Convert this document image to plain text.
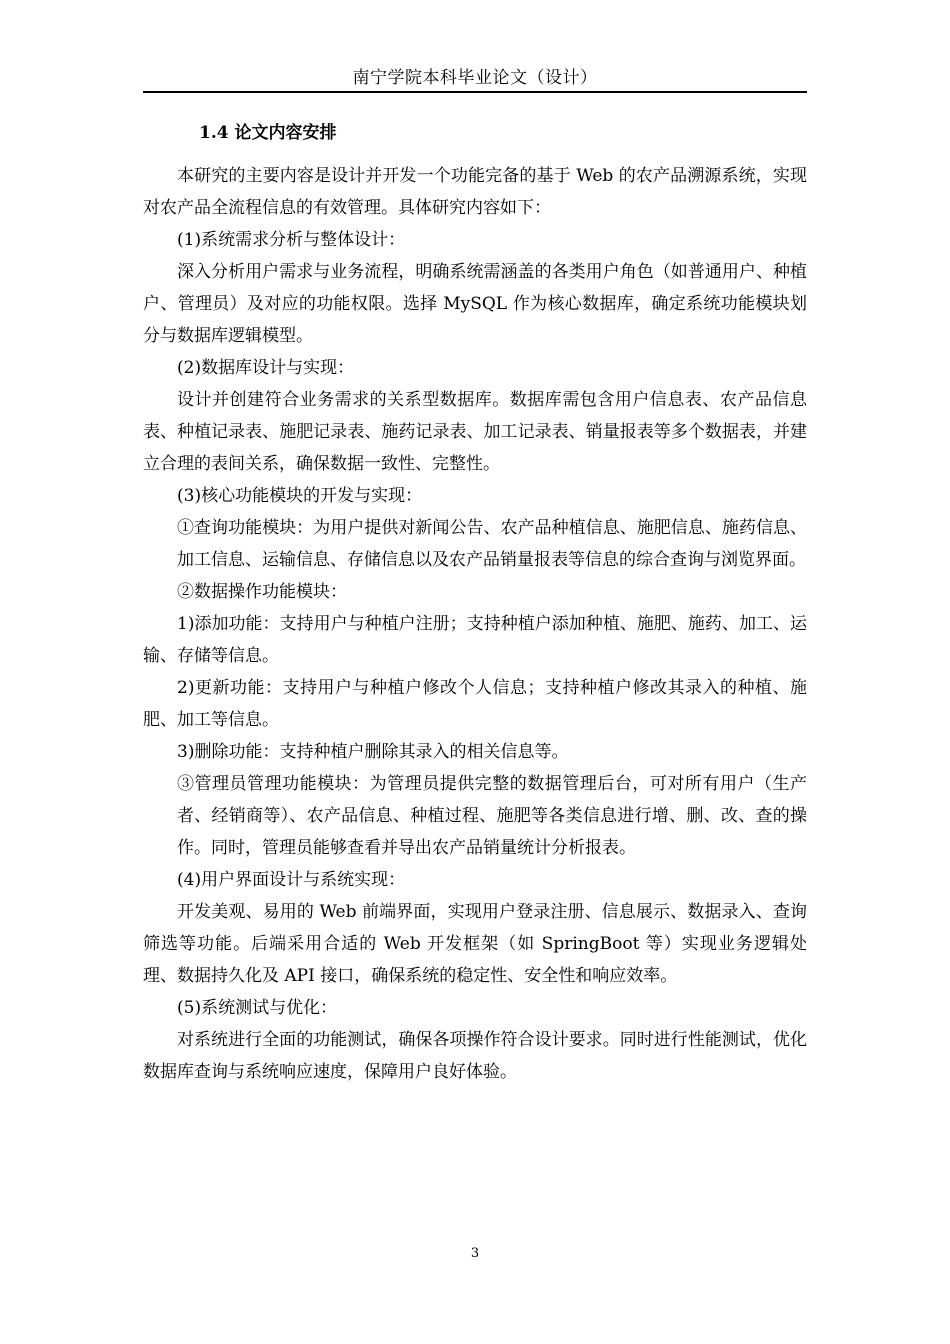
南宁学院本科毕业论文（设计）
1.4 论文内容安排

本研究的主要内容是设计并开发一个功能完备的基于 Web 的农产品溯源系统，实现对农产品全流程信息的有效管理。具体研究内容如下：

(1)系统需求分析与整体设计：

深入分析用户需求与业务流程，明确系统需涵盖的各类用户角色（如普通用户、种植户、管理员）及对应的功能权限。选择 MySQL 作为核心数据库，确定系统功能模块划分与数据库逻辑模型。

(2)数据库设计与实现：

设计并创建符合业务需求的关系型数据库。数据库需包含用户信息表、农产品信息表、种植记录表、施肥记录表、施药记录表、加工记录表、销量报表等多个数据表，并建立合理的表间关系，确保数据一致性、完整性。

(3)核心功能模块的开发与实现：

①查询功能模块：为用户提供对新闻公告、农产品种植信息、施肥信息、施药信息、加工信息、运输信息、存储信息以及农产品销量报表等信息的综合查询与浏览界面。

②数据操作功能模块：

1)添加功能：支持用户与种植户注册；支持种植户添加种植、施肥、施药、加工、运输、存储等信息。

2)更新功能：支持用户与种植户修改个人信息；支持种植户修改其录入的种植、施肥、加工等信息。

3)删除功能：支持种植户删除其录入的相关信息等。

③管理员管理功能模块：为管理员提供完整的数据管理后台，可对所有用户（生产者、经销商等）、农产品信息、种植过程、施肥等各类信息进行增、删、改、查的操作。同时，管理员能够查看并导出农产品销量统计分析报表。

(4)用户界面设计与系统实现：

开发美观、易用的 Web 前端界面，实现用户登录注册、信息展示、数据录入、查询筛选等功能。后端采用合适的 Web 开发框架（如 SpringBoot 等）实现业务逻辑处理、数据持久化及 API 接口，确保系统的稳定性、安全性和响应效率。

(5)系统测试与优化：

对系统进行全面的功能测试，确保各项操作符合设计要求。同时进行性能测试，优化数据库查询与系统响应速度，保障用户良好体验。

3
